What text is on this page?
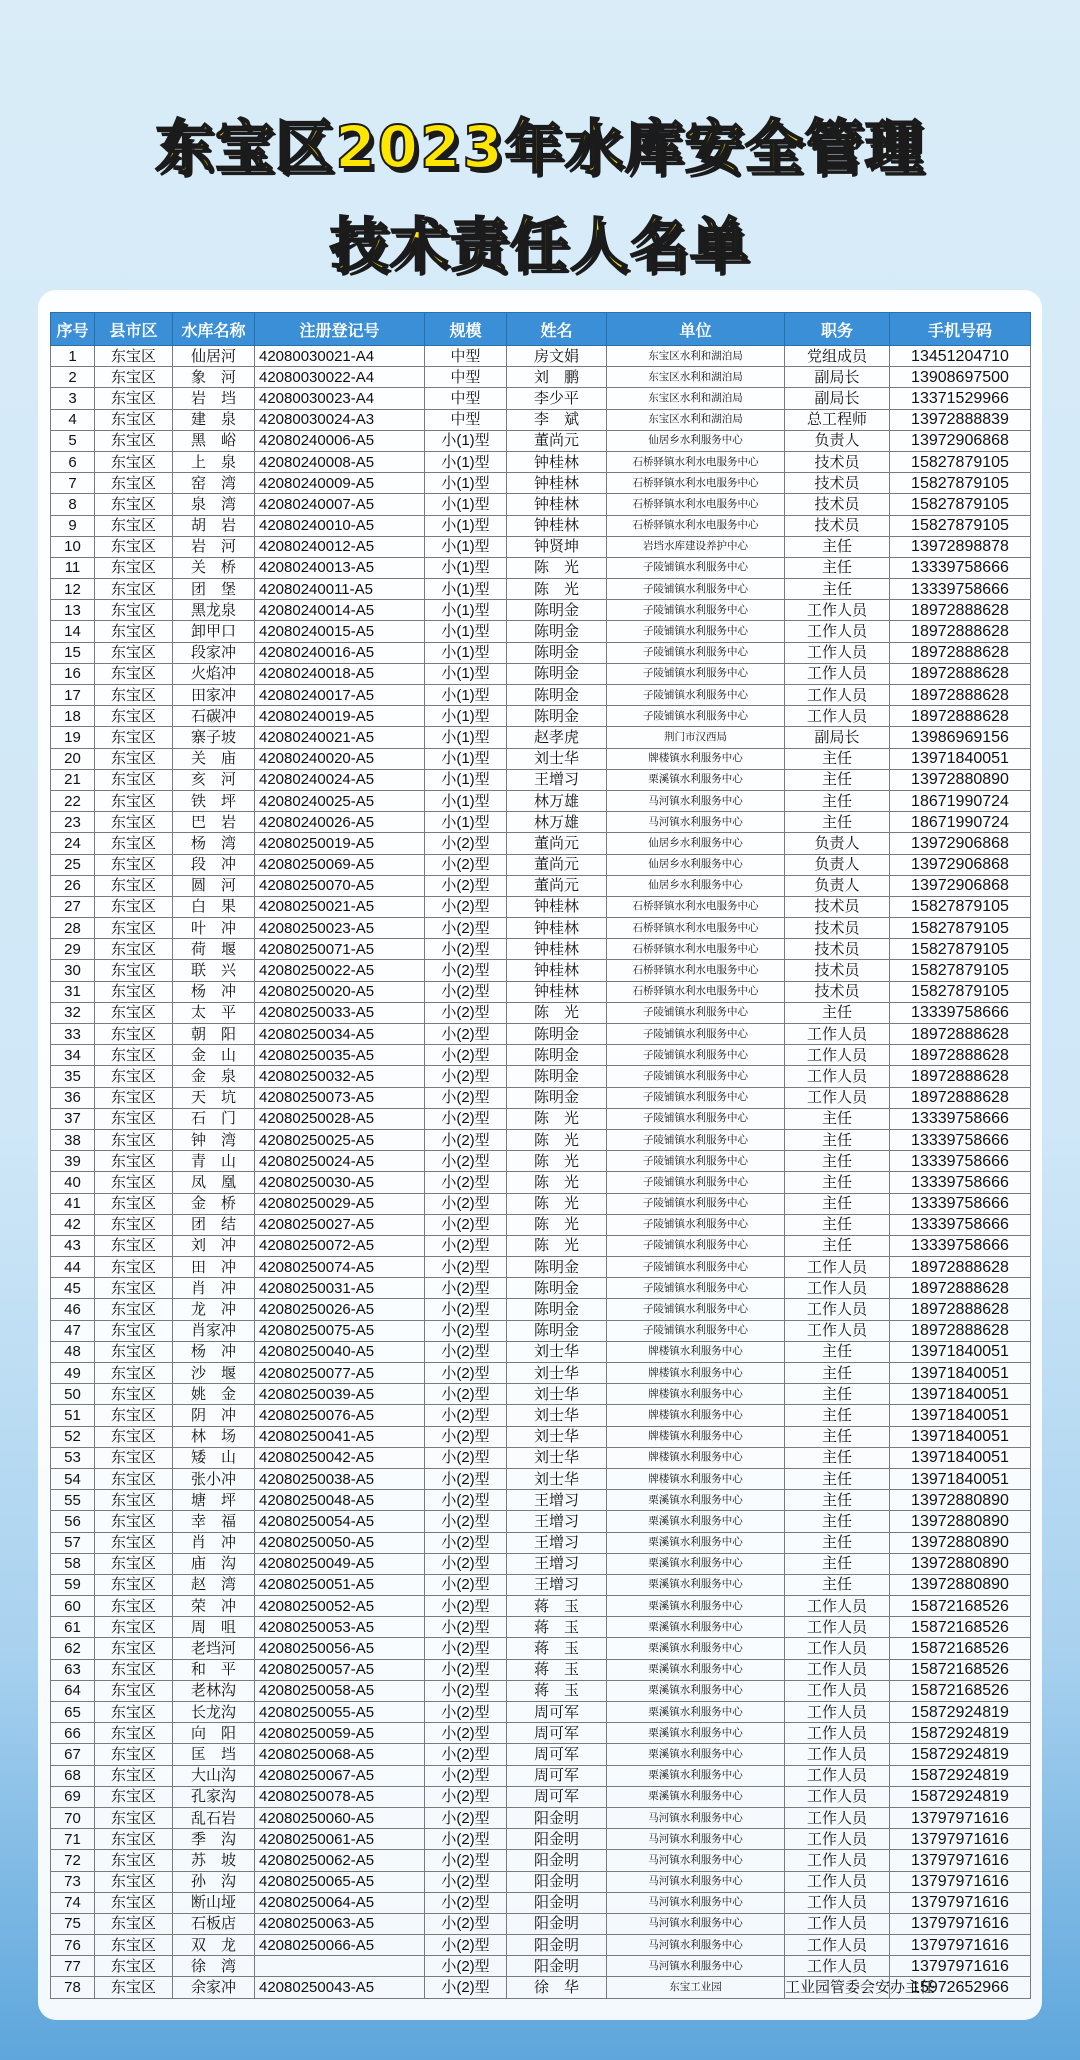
东宝区2023年水库安全管理
技术责任人名单
序号	县市区	水库名称	注册登记号	规模	姓名	单位	职务	手机号码
1	东宝区	仙居河	42080030021-A4	中型	房文娟	东宝区水利和湖泊局	党组成员	13451204710
2	东宝区	象　河	42080030022-A4	中型	刘　鹏	东宝区水利和湖泊局	副局长	13908697500
3	东宝区	岩　垱	42080030023-A4	中型	李少平	东宝区水利和湖泊局	副局长	13371529966
4	东宝区	建　泉	42080030024-A3	中型	李　斌	东宝区水利和湖泊局	总工程师	13972888839
5	东宝区	黑　峪	42080240006-A5	小(1)型	董尚元	仙居乡水利服务中心	负责人	13972906868
6	东宝区	上　泉	42080240008-A5	小(1)型	钟桂林	石桥驿镇水利水电服务中心	技术员	15827879105
7	东宝区	窑　湾	42080240009-A5	小(1)型	钟桂林	石桥驿镇水利水电服务中心	技术员	15827879105
8	东宝区	泉　湾	42080240007-A5	小(1)型	钟桂林	石桥驿镇水利水电服务中心	技术员	15827879105
9	东宝区	胡　岩	42080240010-A5	小(1)型	钟桂林	石桥驿镇水利水电服务中心	技术员	15827879105
10	东宝区	岩　河	42080240012-A5	小(1)型	钟贤坤	岩垱水库建设养护中心	主任	13972898878
11	东宝区	关　桥	42080240013-A5	小(1)型	陈　光	子陵铺镇水利服务中心	主任	13339758666
12	东宝区	团　堡	42080240011-A5	小(1)型	陈　光	子陵铺镇水利服务中心	主任	13339758666
13	东宝区	黑龙泉	42080240014-A5	小(1)型	陈明金	子陵铺镇水利服务中心	工作人员	18972888628
14	东宝区	卸甲口	42080240015-A5	小(1)型	陈明金	子陵铺镇水利服务中心	工作人员	18972888628
15	东宝区	段家冲	42080240016-A5	小(1)型	陈明金	子陵铺镇水利服务中心	工作人员	18972888628
16	东宝区	火焰冲	42080240018-A5	小(1)型	陈明金	子陵铺镇水利服务中心	工作人员	18972888628
17	东宝区	田家冲	42080240017-A5	小(1)型	陈明金	子陵铺镇水利服务中心	工作人员	18972888628
18	东宝区	石碳冲	42080240019-A5	小(1)型	陈明金	子陵铺镇水利服务中心	工作人员	18972888628
19	东宝区	寨子坡	42080240021-A5	小(1)型	赵孝虎	荆门市汉西局	副局长	13986969156
20	东宝区	关　庙	42080240020-A5	小(1)型	刘士华	牌楼镇水利服务中心	主任	13971840051
21	东宝区	亥　河	42080240024-A5	小(1)型	王增习	栗溪镇水利服务中心	主任	13972880890
22	东宝区	铁　坪	42080240025-A5	小(1)型	林万雄	马河镇水利服务中心	主任	18671990724
23	东宝区	巴　岩	42080240026-A5	小(1)型	林万雄	马河镇水利服务中心	主任	18671990724
24	东宝区	杨　湾	42080250019-A5	小(2)型	董尚元	仙居乡水利服务中心	负责人	13972906868
25	东宝区	段　冲	42080250069-A5	小(2)型	董尚元	仙居乡水利服务中心	负责人	13972906868
26	东宝区	圆　河	42080250070-A5	小(2)型	董尚元	仙居乡水利服务中心	负责人	13972906868
27	东宝区	白　果	42080250021-A5	小(2)型	钟桂林	石桥驿镇水利水电服务中心	技术员	15827879105
28	东宝区	叶　冲	42080250023-A5	小(2)型	钟桂林	石桥驿镇水利水电服务中心	技术员	15827879105
29	东宝区	荷　堰	42080250071-A5	小(2)型	钟桂林	石桥驿镇水利水电服务中心	技术员	15827879105
30	东宝区	联　兴	42080250022-A5	小(2)型	钟桂林	石桥驿镇水利水电服务中心	技术员	15827879105
31	东宝区	杨　冲	42080250020-A5	小(2)型	钟桂林	石桥驿镇水利水电服务中心	技术员	15827879105
32	东宝区	太　平	42080250033-A5	小(2)型	陈　光	子陵铺镇水利服务中心	主任	13339758666
33	东宝区	朝　阳	42080250034-A5	小(2)型	陈明金	子陵铺镇水利服务中心	工作人员	18972888628
34	东宝区	金　山	42080250035-A5	小(2)型	陈明金	子陵铺镇水利服务中心	工作人员	18972888628
35	东宝区	金　泉	42080250032-A5	小(2)型	陈明金	子陵铺镇水利服务中心	工作人员	18972888628
36	东宝区	天　坑	42080250073-A5	小(2)型	陈明金	子陵铺镇水利服务中心	工作人员	18972888628
37	东宝区	石　门	42080250028-A5	小(2)型	陈　光	子陵铺镇水利服务中心	主任	13339758666
38	东宝区	钟　湾	42080250025-A5	小(2)型	陈　光	子陵铺镇水利服务中心	主任	13339758666
39	东宝区	青　山	42080250024-A5	小(2)型	陈　光	子陵铺镇水利服务中心	主任	13339758666
40	东宝区	凤　凰	42080250030-A5	小(2)型	陈　光	子陵铺镇水利服务中心	主任	13339758666
41	东宝区	金　桥	42080250029-A5	小(2)型	陈　光	子陵铺镇水利服务中心	主任	13339758666
42	东宝区	团　结	42080250027-A5	小(2)型	陈　光	子陵铺镇水利服务中心	主任	13339758666
43	东宝区	刘　冲	42080250072-A5	小(2)型	陈　光	子陵铺镇水利服务中心	主任	13339758666
44	东宝区	田　冲	42080250074-A5	小(2)型	陈明金	子陵铺镇水利服务中心	工作人员	18972888628
45	东宝区	肖　冲	42080250031-A5	小(2)型	陈明金	子陵铺镇水利服务中心	工作人员	18972888628
46	东宝区	龙　冲	42080250026-A5	小(2)型	陈明金	子陵铺镇水利服务中心	工作人员	18972888628
47	东宝区	肖家冲	42080250075-A5	小(2)型	陈明金	子陵铺镇水利服务中心	工作人员	18972888628
48	东宝区	杨　冲	42080250040-A5	小(2)型	刘士华	牌楼镇水利服务中心	主任	13971840051
49	东宝区	沙　堰	42080250077-A5	小(2)型	刘士华	牌楼镇水利服务中心	主任	13971840051
50	东宝区	姚　金	42080250039-A5	小(2)型	刘士华	牌楼镇水利服务中心	主任	13971840051
51	东宝区	阴　冲	42080250076-A5	小(2)型	刘士华	牌楼镇水利服务中心	主任	13971840051
52	东宝区	林　场	42080250041-A5	小(2)型	刘士华	牌楼镇水利服务中心	主任	13971840051
53	东宝区	矮　山	42080250042-A5	小(2)型	刘士华	牌楼镇水利服务中心	主任	13971840051
54	东宝区	张小冲	42080250038-A5	小(2)型	刘士华	牌楼镇水利服务中心	主任	13971840051
55	东宝区	塘　坪	42080250048-A5	小(2)型	王增习	栗溪镇水利服务中心	主任	13972880890
56	东宝区	幸　福	42080250054-A5	小(2)型	王增习	栗溪镇水利服务中心	主任	13972880890
57	东宝区	肖　冲	42080250050-A5	小(2)型	王增习	栗溪镇水利服务中心	主任	13972880890
58	东宝区	庙　沟	42080250049-A5	小(2)型	王增习	栗溪镇水利服务中心	主任	13972880890
59	东宝区	赵　湾	42080250051-A5	小(2)型	王增习	栗溪镇水利服务中心	主任	13972880890
60	东宝区	荣　冲	42080250052-A5	小(2)型	蒋　玉	栗溪镇水利服务中心	工作人员	15872168526
61	东宝区	周　咀	42080250053-A5	小(2)型	蒋　玉	栗溪镇水利服务中心	工作人员	15872168526
62	东宝区	老垱河	42080250056-A5	小(2)型	蒋　玉	栗溪镇水利服务中心	工作人员	15872168526
63	东宝区	和　平	42080250057-A5	小(2)型	蒋　玉	栗溪镇水利服务中心	工作人员	15872168526
64	东宝区	老林沟	42080250058-A5	小(2)型	蒋　玉	栗溪镇水利服务中心	工作人员	15872168526
65	东宝区	长龙沟	42080250055-A5	小(2)型	周可军	栗溪镇水利服务中心	工作人员	15872924819
66	东宝区	向　阳	42080250059-A5	小(2)型	周可军	栗溪镇水利服务中心	工作人员	15872924819
67	东宝区	匡　垱	42080250068-A5	小(2)型	周可军	栗溪镇水利服务中心	工作人员	15872924819
68	东宝区	大山沟	42080250067-A5	小(2)型	周可军	栗溪镇水利服务中心	工作人员	15872924819
69	东宝区	孔家沟	42080250078-A5	小(2)型	周可军	栗溪镇水利服务中心	工作人员	15872924819
70	东宝区	乱石岩	42080250060-A5	小(2)型	阳金明	马河镇水利服务中心	工作人员	13797971616
71	东宝区	季　沟	42080250061-A5	小(2)型	阳金明	马河镇水利服务中心	工作人员	13797971616
72	东宝区	苏　坡	42080250062-A5	小(2)型	阳金明	马河镇水利服务中心	工作人员	13797971616
73	东宝区	孙　沟	42080250065-A5	小(2)型	阳金明	马河镇水利服务中心	工作人员	13797971616
74	东宝区	断山垭	42080250064-A5	小(2)型	阳金明	马河镇水利服务中心	工作人员	13797971616
75	东宝区	石板店	42080250063-A5	小(2)型	阳金明	马河镇水利服务中心	工作人员	13797971616
76	东宝区	双　龙	42080250066-A5	小(2)型	阳金明	马河镇水利服务中心	工作人员	13797971616
77	东宝区	徐　湾		小(2)型	阳金明	马河镇水利服务中心	工作人员	13797971616
78	东宝区	余家冲	42080250043-A5	小(2)型	徐　华	东宝工业园	工业园管委会安办主任	15972652966
